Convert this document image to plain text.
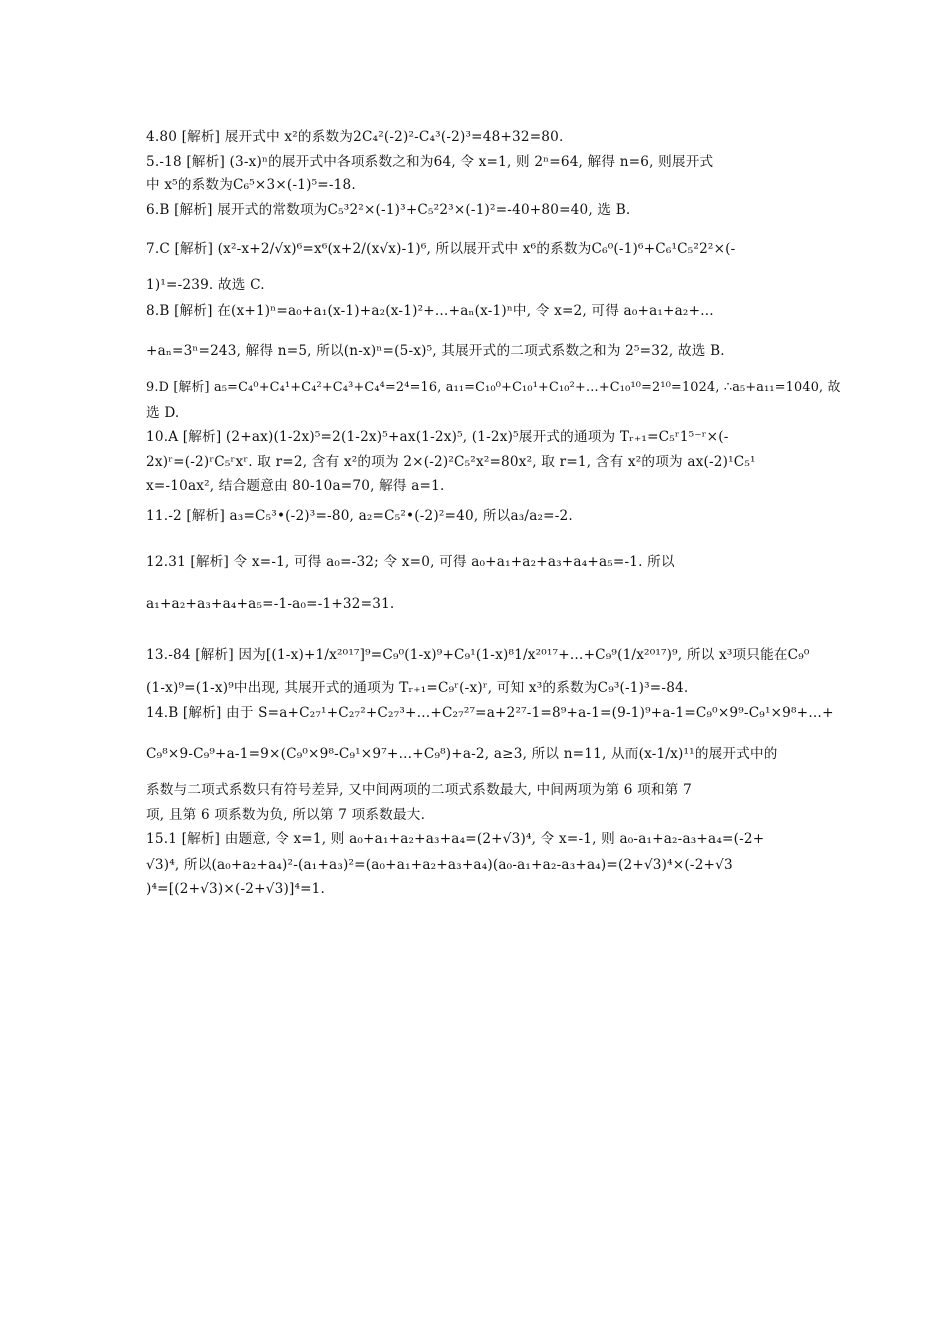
4.80 [解析] 展开式中 x²的系数为2C₄²(-2)²-C₄³(-2)³=48+32=80.
5.-18 [解析] (3-x)ⁿ的展开式中各项系数之和为64, 令 x=1, 则 2ⁿ=64, 解得 n=6, 则展开式
中 x⁵的系数为C₆⁵×3×(-1)⁵=-18.
6.B [解析] 展开式的常数项为C₅³2²×(-1)³+C₅²2³×(-1)²=-40+80=40, 选 B.
7.C [解析] (x²-x+2/√x)⁶=x⁶(x+2/(x√x)-1)⁶, 所以展开式中 x⁶的系数为C₆⁰(-1)⁶+C₆¹C₅²2²×(-
1)¹=-239. 故选 C.
8.B [解析] 在(x+1)ⁿ=a₀+a₁(x-1)+a₂(x-1)²+…+aₙ(x-1)ⁿ中, 令 x=2, 可得 a₀+a₁+a₂+…
+aₙ=3ⁿ=243, 解得 n=5, 所以(n-x)ⁿ=(5-x)⁵, 其展开式的二项式系数之和为 2⁵=32, 故选 B.
9.D [解析] a₅=C₄⁰+C₄¹+C₄²+C₄³+C₄⁴=2⁴=16, a₁₁=C₁₀⁰+C₁₀¹+C₁₀²+…+C₁₀¹⁰=2¹⁰=1024, ∴a₅+a₁₁=1040, 故
选 D.
10.A [解析] (2+ax)(1-2x)⁵=2(1-2x)⁵+ax(1-2x)⁵, (1-2x)⁵展开式的通项为 Tᵣ₊₁=C₅ʳ1⁵⁻ʳ×(-
2x)ʳ=(-2)ʳC₅ʳxʳ. 取 r=2, 含有 x²的项为 2×(-2)²C₅²x²=80x², 取 r=1, 含有 x²的项为 ax(-2)¹C₅¹
x=-10ax², 结合题意由 80-10a=70, 解得 a=1.
11.-2 [解析] a₃=C₅³•(-2)³=-80, a₂=C₅²•(-2)²=40, 所以a₃/a₂=-2.
12.31 [解析] 令 x=-1, 可得 a₀=-32; 令 x=0, 可得 a₀+a₁+a₂+a₃+a₄+a₅=-1. 所以
a₁+a₂+a₃+a₄+a₅=-1-a₀=-1+32=31.
13.-84 [解析] 因为[(1-x)+1/x²⁰¹⁷]⁹=C₉⁰(1-x)⁹+C₉¹(1-x)⁸1/x²⁰¹⁷+…+C₉⁹(1/x²⁰¹⁷)⁹, 所以 x³项只能在C₉⁰
(1-x)⁹=(1-x)⁹中出现, 其展开式的通项为 Tᵣ₊₁=C₉ʳ(-x)ʳ, 可知 x³的系数为C₉³(-1)³=-84.
14.B [解析] 由于 S=a+C₂₇¹+C₂₇²+C₂₇³+…+C₂₇²⁷=a+2²⁷-1=8⁹+a-1=(9-1)⁹+a-1=C₉⁰×9⁹-C₉¹×9⁸+…+
C₉⁸×9-C₉⁹+a-1=9×(C₉⁰×9⁸-C₉¹×9⁷+…+C₉⁸)+a-2, a≥3, 所以 n=11, 从而(x-1/x)¹¹的展开式中的
系数与二项式系数只有符号差异, 又中间两项的二项式系数最大, 中间两项为第 6 项和第 7
项, 且第 6 项系数为负, 所以第 7 项系数最大.
15.1 [解析] 由题意, 令 x=1, 则 a₀+a₁+a₂+a₃+a₄=(2+√3)⁴, 令 x=-1, 则 a₀-a₁+a₂-a₃+a₄=(-2+
√3)⁴, 所以(a₀+a₂+a₄)²-(a₁+a₃)²=(a₀+a₁+a₂+a₃+a₄)(a₀-a₁+a₂-a₃+a₄)=(2+√3)⁴×(-2+√3
)⁴=[(2+√3)×(-2+√3)]⁴=1.
